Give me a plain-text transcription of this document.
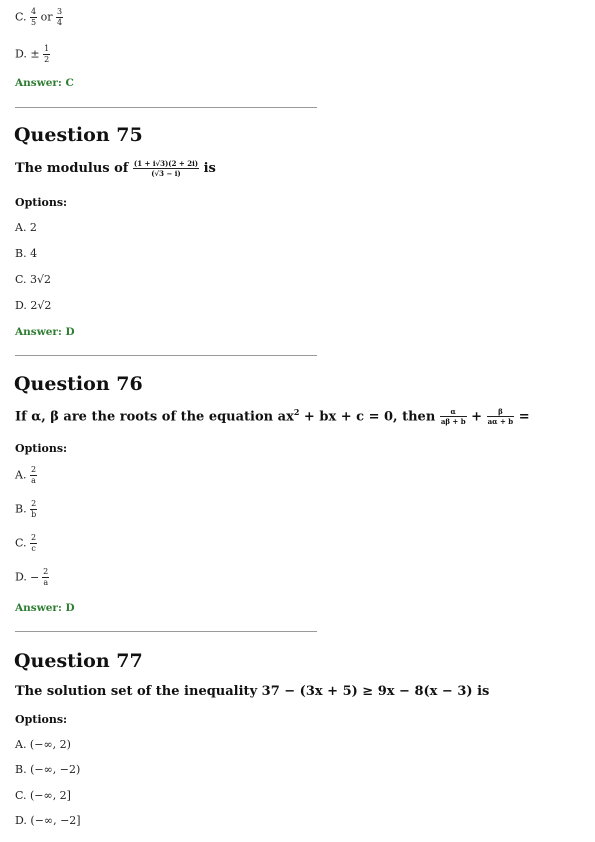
C. $\frac{4}{5}$ or $\frac{3}{4}$
D. ± $\frac{1}{2}$
Answer: C
Question 75
The modulus of $\frac{(1 + i√3)(2 + 2i)}{(√3 - i)}$ is
Options:
A. 2
B. 4
C. 3√2
D. 2√2
Answer: D
Question 76
If α, β are the roots of the equation $ax^2$ + bx + c = 0, then $\frac{\alpha}{a\beta + b} + \frac{\beta}{a\alpha + b}$ =
Options:
A. $\frac{2}{a}$
B. $\frac{2}{b}$
C. $\frac{2}{c}$
D. − $\frac{2}{a}$
Answer: D
Question 77
The solution set of the inequality 37 − (3x + 5) ≥ 9x − 8(x − 3) is
Options:
A. (−∞, 2)
B. (−∞, −2)
C. (−∞, 2]
D. (−∞, −2]
